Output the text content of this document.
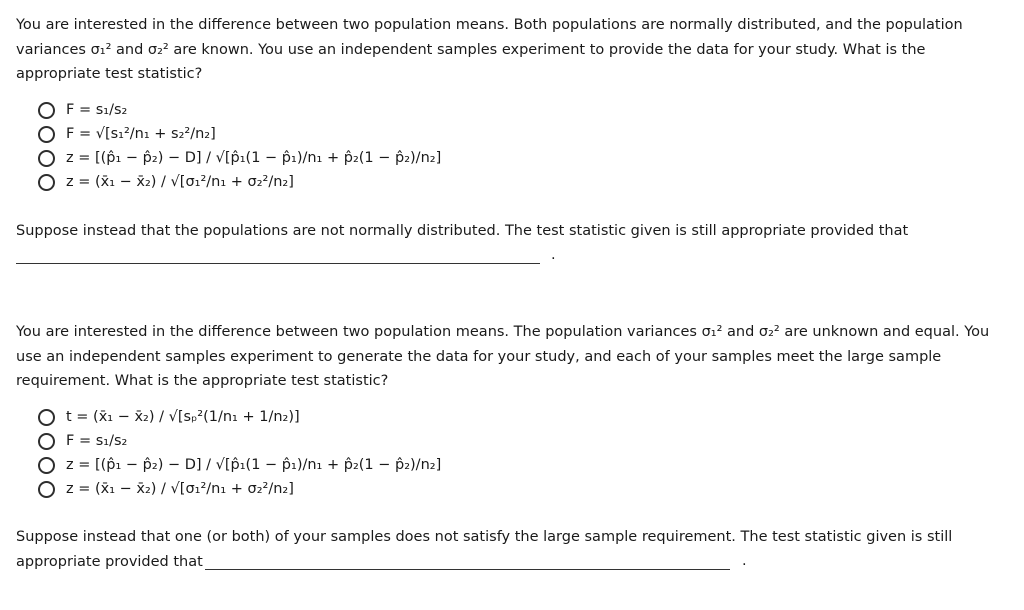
You are interested in the difference between two population means. Both populations are normally distributed, and the population variances σ₁² and σ₂² are known. You use an independent samples experiment to provide the data for your study. What is the appropriate test statistic?

F = s₁/s₂
F = √[s₁²/n₁ + s₂²/n₂]
z = [(p̂₁ − p̂₂) − D] / √[p̂₁(1 − p̂₁)/n₁ + p̂₂(1 − p̂₂)/n₂]
z = (x̄₁ − x̄₂) / √[σ₁²/n₁ + σ₂²/n₂]

Suppose instead that the populations are not normally distributed. The test statistic given is still appropriate provided that

.

You are interested in the difference between two population means. The population variances σ₁² and σ₂² are unknown and equal. You use an independent samples experiment to generate the data for your study, and each of your samples meet the large sample requirement. What is the appropriate test statistic?

t = (x̄₁ − x̄₂) / √[sₚ²(1/n₁ + 1/n₂)]
F = s₁/s₂
z = [(p̂₁ − p̂₂) − D] / √[p̂₁(1 − p̂₁)/n₁ + p̂₂(1 − p̂₂)/n₂]
z = (x̄₁ − x̄₂) / √[σ₁²/n₁ + σ₂²/n₂]

Suppose instead that one (or both) of your samples does not satisfy the large sample requirement. The test statistic given is still appropriate provided that	.
